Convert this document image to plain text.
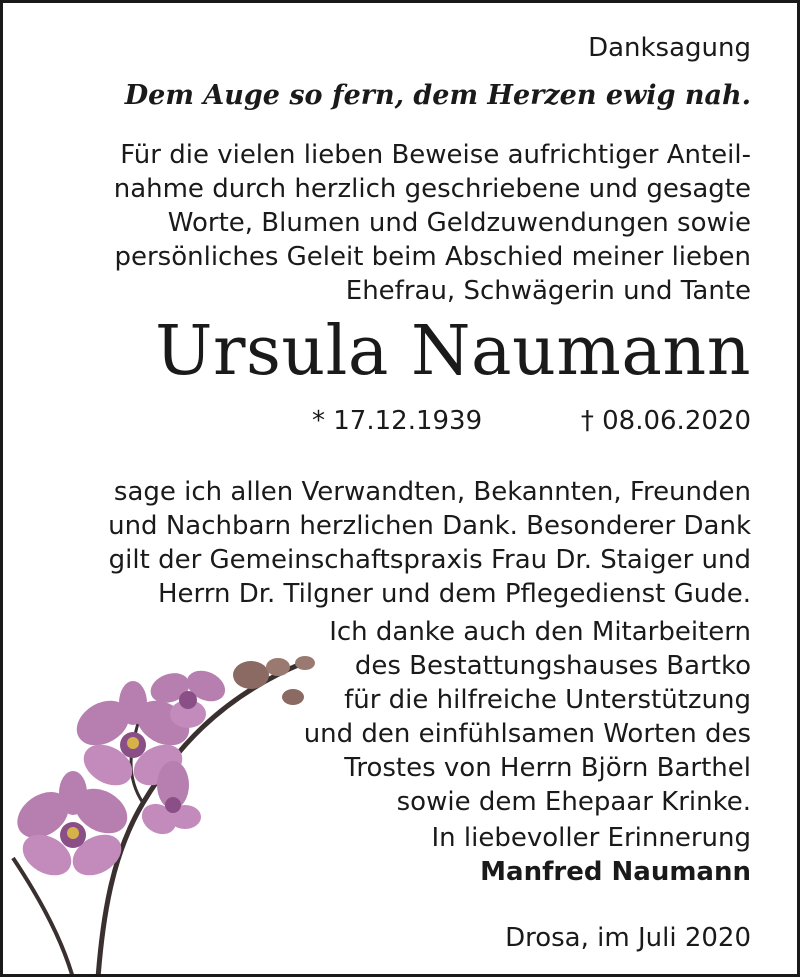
Danksagung

Dem Auge so fern, dem Herzen ewig nah.

Für die vielen lieben Beweise aufrichtiger Anteil-
nahme durch herzlich geschriebene und gesagte
Worte, Blumen und Geldzuwendungen sowie
persönliches Geleit beim Abschied meiner lieben
Ehefrau, Schwägerin und Tante

Ursula Naumann

* 17.12.1939	† 08.06.2020

sage ich allen Verwandten, Bekannten, Freunden
und Nachbarn herzlichen Dank. Besonderer Dank
gilt der Gemeinschaftspraxis Frau Dr. Staiger und
Herrn Dr. Tilgner und dem Pflegedienst Gude.

Ich danke auch den Mitarbeitern
des Bestattungshauses Bartko
für die hilfreiche Unterstützung
und den einfühlsamen Worten des
Trostes von Herrn Björn Barthel
sowie dem Ehepaar Krinke.

In liebevoller Erinnerung

Manfred Naumann

Drosa, im Juli 2020
